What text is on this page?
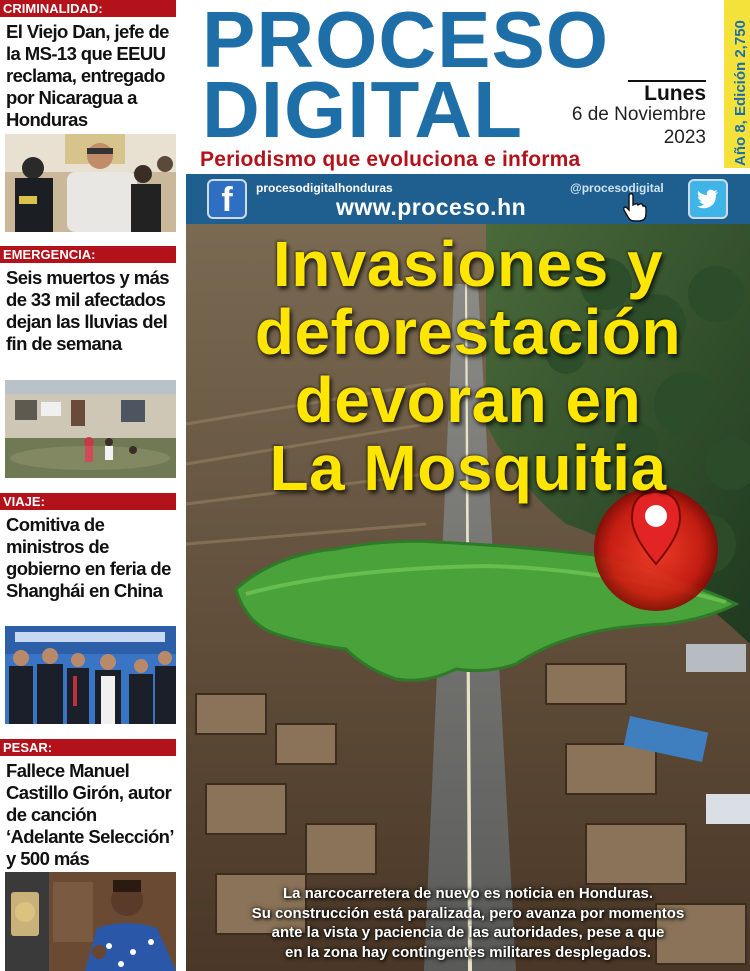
CRIMINALIDAD:
El Viejo Dan, jefe de la MS-13 que EEUU reclama, entregado por Nicaragua a Honduras
EMERGENCIA:
Seis muertos y más de 33 mil afectados dejan las lluvias del fin de semana
VIAJE:
Comitiva de ministros de gobierno en feria de Shanghái en China
PESAR:
Fallece Manuel Castillo Girón, autor de canción ‘Adelante Selección’ y 500 más
PROCESO
DIGITAL	Lunes
6 de Noviembre
2023
Periodismo que evoluciona e informa	Año 8, Edición 2,750
f	procesodigitalhonduras
www.proceso.hn
@procesodigital
Invasiones y
deforestación
devoran en
La Mosquitia
La narcocarretera de nuevo es noticia en Honduras.
Su construcción está paralizada, pero avanza por momentos
ante la vista y paciencia de las autoridades, pese a que
en la zona hay contingentes militares desplegados.
